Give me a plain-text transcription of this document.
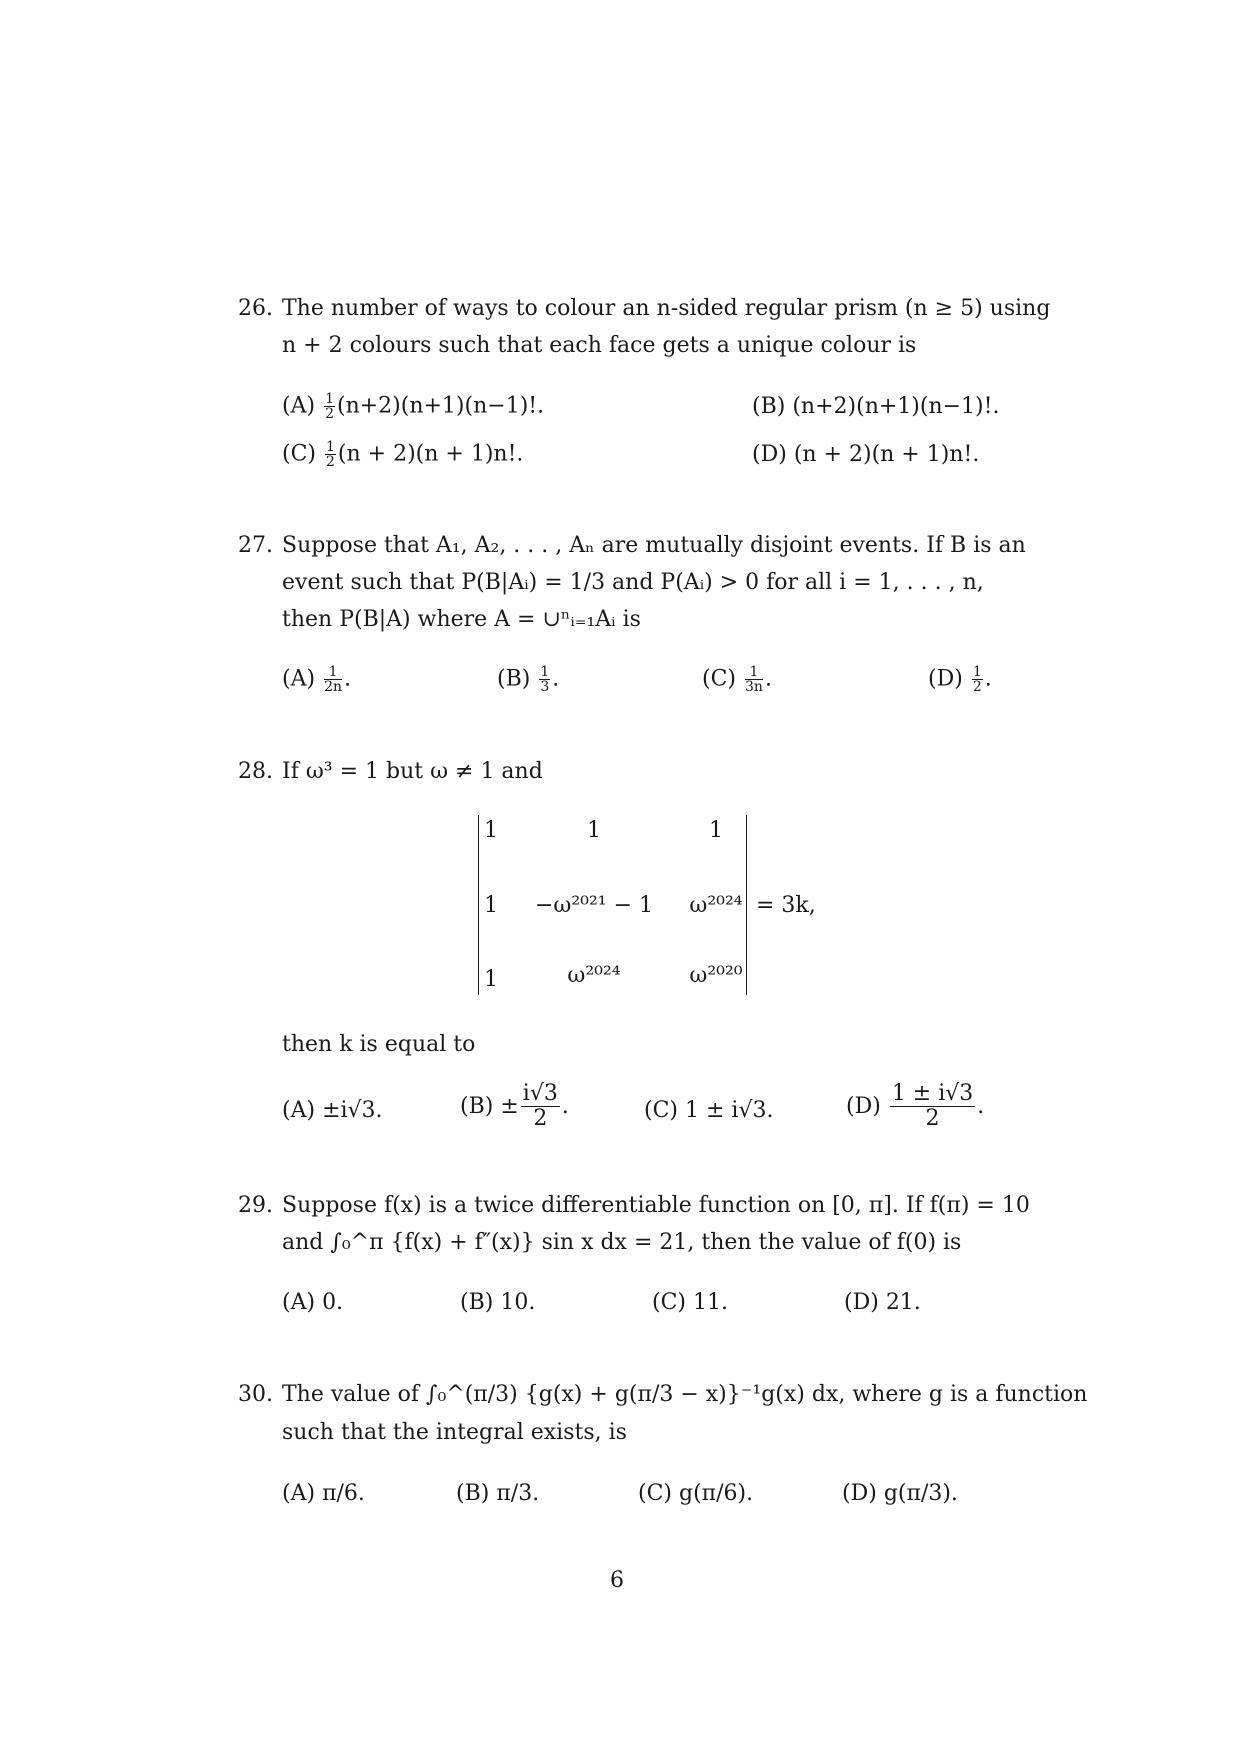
26. The number of ways to colour an n-sided regular prism (n ≥ 5) using
n + 2 colours such that each face gets a unique colour is
$(A) \frac{1}{2} (n+2)(n+1)(n-1)$!.	(B) (n+2)(n+1)(n−1)!.
$(C) \frac{1}{2} (n + 2)(n + 1)n$!.	(D) (n + 2)(n + 1)n!.
27. Suppose that A₁, A₂, . . . , Aₙ are mutually disjoint events. If B is an
event such that P(B|Aᵢ) = 1/3 and P(Aᵢ) > 0 for all i = 1, . . . , n,
then P(B|A) where A = ∪ⁿᵢ₌₁Aᵢ is
$(A) \frac{1}{2n}$ .	$(B) \frac{1}{3}$ .	$(C) \frac{1}{3n}$ .	$(D) \frac{1}{2}$ .
28. If ω³ = 1 but ω ≠ 1 and
1	1	1
1	−ω²⁰²¹ − 1	ω²⁰²⁴
1	ω²⁰²⁴	ω²⁰²⁰
= 3k,
then k is equal to
(A) ±i√3.	$(B) \pm \frac{i√3}{2}$ .	(C) 1 ± i√3.	$(D) \frac{1 \pm i√3}{2}$ .
29. Suppose f(x) is a twice differentiable function on [0, π]. If f(π) = 10
and ∫₀^π {f(x) + f″(x)} sin x dx = 21, then the value of f(0) is
(A) 0.	(B) 10.	(C) 11.	(D) 21.
30. The value of ∫₀^(π/3) {g(x) + g(π/3 − x)}⁻¹g(x) dx, where g is a function
such that the integral exists, is
(A) π/6.	(B) π/3.	(C) g(π/6).	(D) g(π/3).
6
